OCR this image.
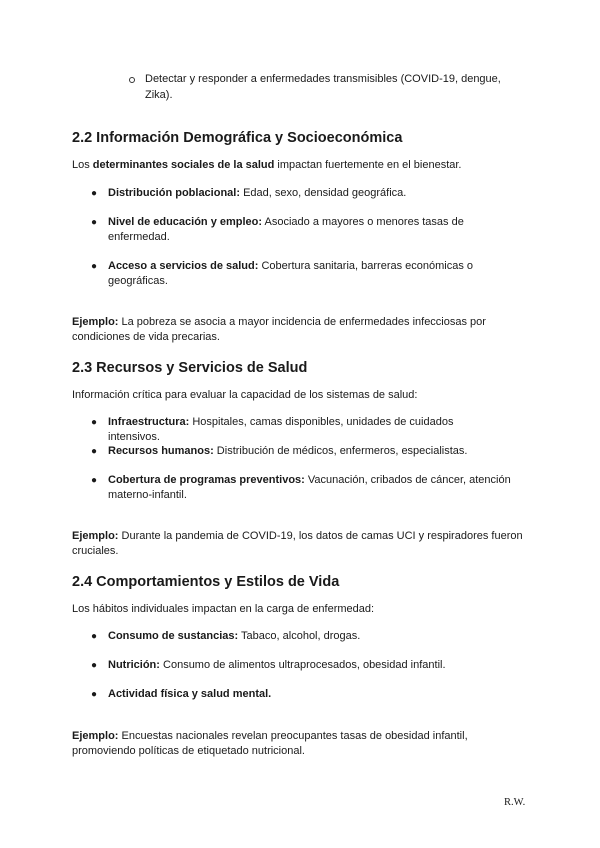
Detectar y responder a enfermedades transmisibles (COVID-19, dengue,
Zika).
2.2 Información Demográfica y Socioeconómica
Los determinantes sociales de la salud impactan fuertemente en el bienestar.
● Distribución poblacional: Edad, sexo, densidad geográfica.
● Nivel de educación y empleo: Asociado a mayores o menores tasas de enfermedad.
● Acceso a servicios de salud: Cobertura sanitaria, barreras económicas o geográficas.
Ejemplo: La pobreza se asocia a mayor incidencia de enfermedades infecciosas por condiciones de vida precarias.
2.3 Recursos y Servicios de Salud
Información crítica para evaluar la capacidad de los sistemas de salud:
● Infraestructura: Hospitales, camas disponibles, unidades de cuidados intensivos.
● Recursos humanos: Distribución de médicos, enfermeros, especialistas.
● Cobertura de programas preventivos: Vacunación, cribados de cáncer, atención materno-infantil.
Ejemplo: Durante la pandemia de COVID-19, los datos de camas UCI y respiradores fueron cruciales.
2.4 Comportamientos y Estilos de Vida
Los hábitos individuales impactan en la carga de enfermedad:
● Consumo de sustancias: Tabaco, alcohol, drogas.
● Nutrición: Consumo de alimentos ultraprocesados, obesidad infantil.
● Actividad física y salud mental.
Ejemplo: Encuestas nacionales revelan preocupantes tasas de obesidad infantil, promoviendo políticas de etiquetado nutricional.
R.W.
